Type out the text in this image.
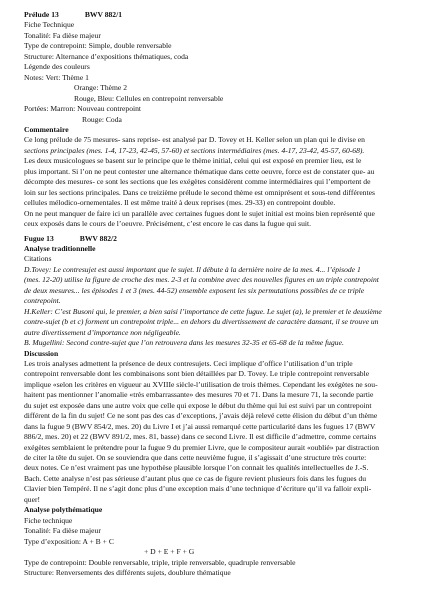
Prélude 13	BWV 882/1
Fiche Technique
Tonalité: Fa dièse majeur
Type de contrepoint: Simple, double renversable
Structure: Alternance d’expositions thématiques, coda
Légende des couleurs
Notes: Vert: Thème 1
Orange: Thème 2
Rouge, Bleu: Cellules en contrepoint renversable
Portées: Marron: Nouveau contrepoint
Rouge: Coda
Commentaire
Ce long prélude de 75 mesures- sans reprise- est analysé par D. Tovey et H. Keller selon un plan qui le divise en
sections principales (mes. 1-4, 17-23, 42-45, 57-60) et sections intermédiaires (mes. 4-17, 23-42, 45-57, 60-68).
Les deux musicologues se basent sur le principe que le thème initial, celui qui est exposé en premier lieu, est le
plus important. Si l’on ne peut contester une alternance thématique dans cette oeuvre, force est de constater que- au
décompte des mesures- ce sont les sections que les exégètes considèrent comme intermédiaires qui l’emportent de
loin sur les sections principales. Dans ce treizième prélude le second thème est omniprésent et sous-tend différentes
cellules mélodico-ornementales. Il est même traité à deux reprises (mes. 29-33) en contrepoint double.
On ne peut manquer de faire ici un parallèle avec certaines fugues dont le sujet initial est moins bien représenté que
ceux exposés dans le cours de l’oeuvre. Précisément, c’est encore le cas dans la fugue qui suit.
Fugue 13	BWV 882/2
Analyse traditionnelle
Citations
D.Tovey: Le contresujet est aussi important que le sujet. Il débute à la dernière noire de la mes. 4... l’épisode 1
(mes. 12-20) utilise la figure de croche des mes. 2-3 et la combine avec des nouvelles figures en un triple contrepoint
de deux mesures... les épisodes 1 et 3 (mes. 44-52) ensemble exposent les six permutations possibles de ce triple
contrepoint.
H.Keller: C’est Busoni qui, le premier, a bien saisi l’importance de cette fugue. Le sujet (a), le premier et le deuxième
contre-sujet (b et c) forment un contrepoint triple... en dehors du divertissement de caractère dansant, il se trouve un
autre divertissement d’importance non négligeable.
B. Mugellini: Second contre-sujet que l’on retrouvera dans les mesures 32-35 et 65-68 de la même fugue.
Discussion
Les trois analyses admettent la présence de deux contresujets. Ceci implique d’office l’utilisation d’un triple
contrepoint renversable dont les combinaisons sont bien détaillées par D. Tovey. Le triple contrepoint renversable
implique «selon les critères en vigueur au XVIIIe siècle-l’utilisation de trois thèmes. Cependant les exégètes ne sou-
haitent pas mentionner l’anomalie «très embarrassante» des mesures 70 et 71. Dans la mesure 71, la seconde partie
du sujet est exposée dans une autre voix que celle qui expose le début du thème qui lui est suivi par un contrepoint
différent de la fin du sujet! Ce ne sont pas des cas d’exceptions, j’avais déjà relevé cette élision du début d’un thème
dans la fugue 9 (BWV 854/2, mes. 20) du Livre I et j’ai aussi remarqué cette particularité dans les fugues 17 (BWV
886/2, mes. 20) et 22 (BWV 891/2, mes. 81, basse) dans ce second Livre. Il est difficile d’admettre, comme certains
exégètes semblaient le prétendre pour la fugue 9 du premier Livre, que le compositeur aurait «oublié» par distraction
de citer la tête du sujet. On se souviendra que dans cette neuvième fugue, il s’agissait d’une structure très courte:
deux notes. Ce n’est vraiment pas une hypothèse plausible lorsque l’on connait les qualités intellectuelles de J.-S.
Bach. Cette analyse n’est pas sérieuse d’autant plus que ce cas de figure revient plusieurs fois dans les fugues du
Clavier bien Tempéré. Il ne s’agit donc plus d’une exception mais d’une technique d’écriture qu’il va falloir expli-
quer!
Analyse polythématique
Fiche technique
Tonalité: Fa dièse majeur
Type d’exposition: A + B + C
+ D + E + F + G
Type de contrepoint: Double renversable, triple, triple renversable, quadruple renversable
Structure: Renversements des différents sujets, doublure thématique
